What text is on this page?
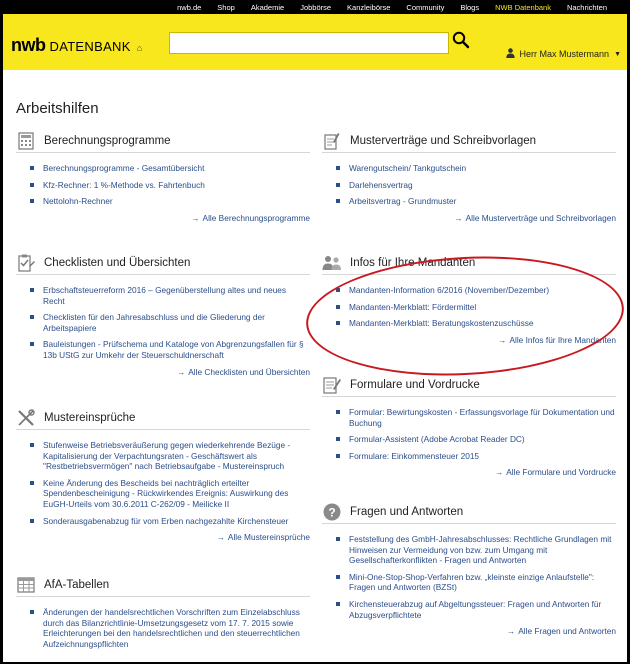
nwb.de	Shop	Akademie	Jobbörse	Kanzleibörse	Community	Blogs	NWB Datenbank	Nachrichten
nwb DATENBANK ⌂
Herr Max Mustermann ▼
Arbeitshilfen
Berechnungsprogramme
Berechnungsprogramme - Gesamtübersicht
Kfz-Rechner: 1 %-Methode vs. Fahrtenbuch
Nettolohn-Rechner
→ Alle Berechnungsprogramme
Musterverträge und Schreibvorlagen
Warengutschein/ Tankgutschein
Darlehensvertrag
Arbeitsvertrag - Grundmuster
→ Alle Musterverträge und Schreibvorlagen
Checklisten und Übersichten
Erbschaftsteuerreform 2016 – Gegenüberstellung altes und neues Recht
Checklisten für den Jahresabschluss und die Gliederung der Arbeitspapiere
Bauleistungen - Prüfschema und Kataloge von Abgrenzungsfallen für § 13b UStG zur Umkehr der Steuerschuldnerschaft
→ Alle Checklisten und Übersichten
Infos für Ihre Mandanten
Mandanten-Information 6/2016 (November/Dezember)
Mandanten-Merkblatt: Fördermittel
Mandanten-Merkblatt: Beratungskostenzuschüsse
→ Alle Infos für Ihre Mandanten
Formulare und Vordrucke
Formular: Bewirtungskosten - Erfassungsvorlage für Dokumentation und Buchung
Formular-Assistent (Adobe Acrobat Reader DC)
Formulare: Einkommensteuer 2015
→ Alle Formulare und Vordrucke
Mustereinsprüche
Stufenweise Betriebsveräußerung gegen wiederkehrende Bezüge - Kapitalisierung der Verpachtungsraten - Geschäftswert als "Restbetriebsvermögen" nach Betriebsaufgabe - Mustereinspruch
Keine Änderung des Bescheids bei nachträglich erteilter Spendenbescheinigung - Rückwirkendes Ereignis: Auswirkung des EuGH-Urteils vom 30.6.2011 C-262/09 - Meilicke II
Sonderausgabenabzug für vom Erben nachgezahlte Kirchensteuer
→ Alle Mustereinsprüche
? Fragen und Antworten
Feststellung des GmbH-Jahresabschlusses: Rechtliche Grundlagen mit Hinweisen zur Vermeidung von bzw. zum Umgang mit Gesellschafterkonflikten - Fragen und Antworten
Mini-One-Stop-Shop-Verfahren bzw. „kleinste einzige Anlaufstelle": Fragen und Antworten (BZSt)
Kirchensteuerabzug auf Abgeltungssteuer: Fragen und Antworten für Abzugsverpflichtete
→ Alle Fragen und Antworten
AfA-Tabellen
Änderungen der handelsrechtlichen Vorschriften zum Einzelabschluss durch das Bilanzrichtlinie-Umsetzungsgesetz vom 17. 7. 2015 sowie Erleichterungen bei den handelsrechtlichen und den steuerrechtlichen Aufzeichnungspflichten
